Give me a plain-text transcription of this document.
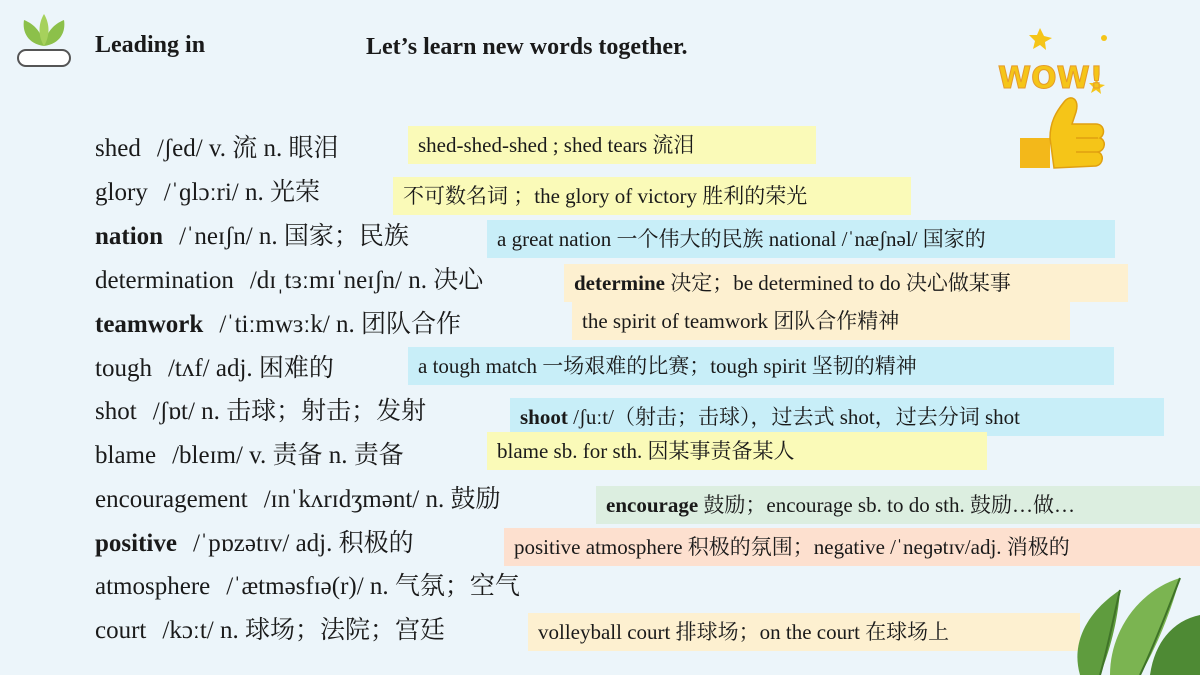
Leading in	Let’s learn new words together.
WOW!
shed /ʃed/ v. 流 n. 眼泪	shed-shed-shed ; shed tears 流泪
glory /ˈɡlɔːri/ n. 光荣	不可数名词 ；the glory of victory 胜利的荣光
nation /ˈneɪʃn/ n. 国家；民族	a great nation 一个伟大的民族 national /ˈnæʃnəl/ 国家的
determination /dɪˌtɜːmɪˈneɪʃn/ n. 决心	determine 决定；be determined to do 决心做某事
teamwork /ˈtiːmwɜːk/ n. 团队合作	the spirit of teamwork 团队合作精神
tough /tʌf/ adj. 困难的	a tough match 一场艰难的比赛；tough spirit 坚韧的精神
shot /ʃɒt/ n. 击球；射击；发射	shoot /ʃuːt/（射击；击球），过去式 shot，过去分词 shot
blame /bleɪm/ v. 责备 n. 责备	blame sb. for sth. 因某事责备某人
encouragement /ɪnˈkʌrɪdʒmənt/ n. 鼓励	encourage 鼓励；encourage sb. to do sth. 鼓励…做…
positive /ˈpɒzətɪv/ adj. 积极的	positive atmosphere 积极的氛围；negative /ˈneɡətɪv/adj. 消极的
atmosphere /ˈætməsfɪə(r)/ n. 气氛；空气
court /kɔːt/ n. 球场；法院；宫廷	volleyball court 排球场；on the court 在球场上
